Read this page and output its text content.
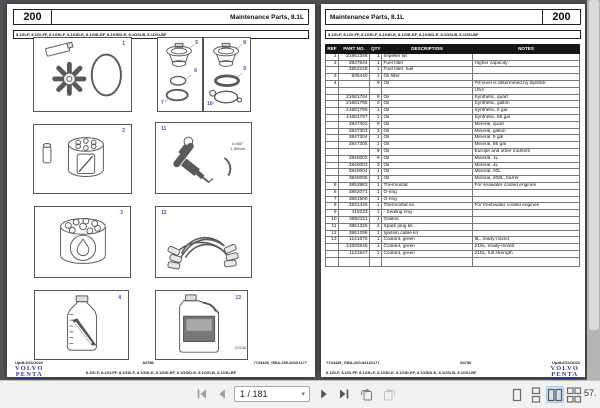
200	Maintenance Parts, 8.1L
8.1Gi-F, 8.1Gi-FF, 8.1GSi-F, 8.1GiD-E, 8.1GiD-EF, 8.1GSiD-E, 8.1OSi-B, 8.1OSi-BF
1	5
6
7
8
9
10
2	11
0.060"
1.50mm
3	12
4	13
23146
Updt:6/11/2022	84786	7744436_GBA-200-84161177
8.1Gi-F, 8.1Gi-FF, 8.1GSi-F, 8.1GiD-E, 8.1GiD-EF, 8.1GSiD-E, 8.1OSi-B, 8.1OSi-BF
VOLVO
PENTA
Maintenance Parts, 8.1L	200
8.1Gi-F, 8.1Gi-FF, 8.1GSi-F, 8.1GiD-E, 8.1GiD-EF, 8.1GSiD-E, 8.1OSi-B, 8.1OSi-BF
REF	PART NO.	QTY	DESCRIPTION	NOTES
1	21951346	1	Impeller kit	
2	3847644	1	Fuel filter	Higher capacity
	3862228	1	Fuel filter, fuel	
3	835440	1	Oil filter	
4		9	Oil	Fill level is determined by dipstick
				USA
	21681794	9	Oil	Synthetic, quart
	21681795	3	Oil	Synthetic, gallon
	21681796	1	Oil	Synthetic, 5 gal
	21681797	1	Oil	Synthetic, 55 gal
	3847302	9	Oil	Mineral, quart
	3847303	3	Oil	Mineral, gallon
	3847304	1	Oil	Mineral, 5 gal
	3847305	1	Oil	Mineral, 55 gal
		9	Oil	Europe and other markets
	3840002	9	Oil	Mineral, 1L
	3840003	3	Oil	Mineral, 4L
	3840004	1	Oil	Mineral, 20L
	3840005	1	Oil	Mineral, 208L, barrel
5	3853983	1	Thermostat	For seawater cooled engines
6	3852071	1	O-ring	
7	3861900	1	O-ring	
8	3831426	1	Thermostat kit	For freshwater cooled engines
9	419233	1	- Sealing ring	
10	3852311	1	Gasket	
11	3861326	2	Spark plug kit	
12	3861296	1	Ignition cable kit	
13	1141675	1	Coolant, green	5L, ready-mixed
	21092645	1	Coolant, green	210L, ready-mixed
	1141547	1	Coolant, green	210L, full strength

7744436_GBA-200-84161177	84786	Updt:6/11/2022
8.1Gi-F, 8.1Gi-FF, 8.1GSi-F, 8.1GiD-E, 8.1GiD-EF, 8.1GSiD-E, 8.1OSi-B, 8.1OSi-BF
VOLVO
PENTA
1 / 181	▾	57.
